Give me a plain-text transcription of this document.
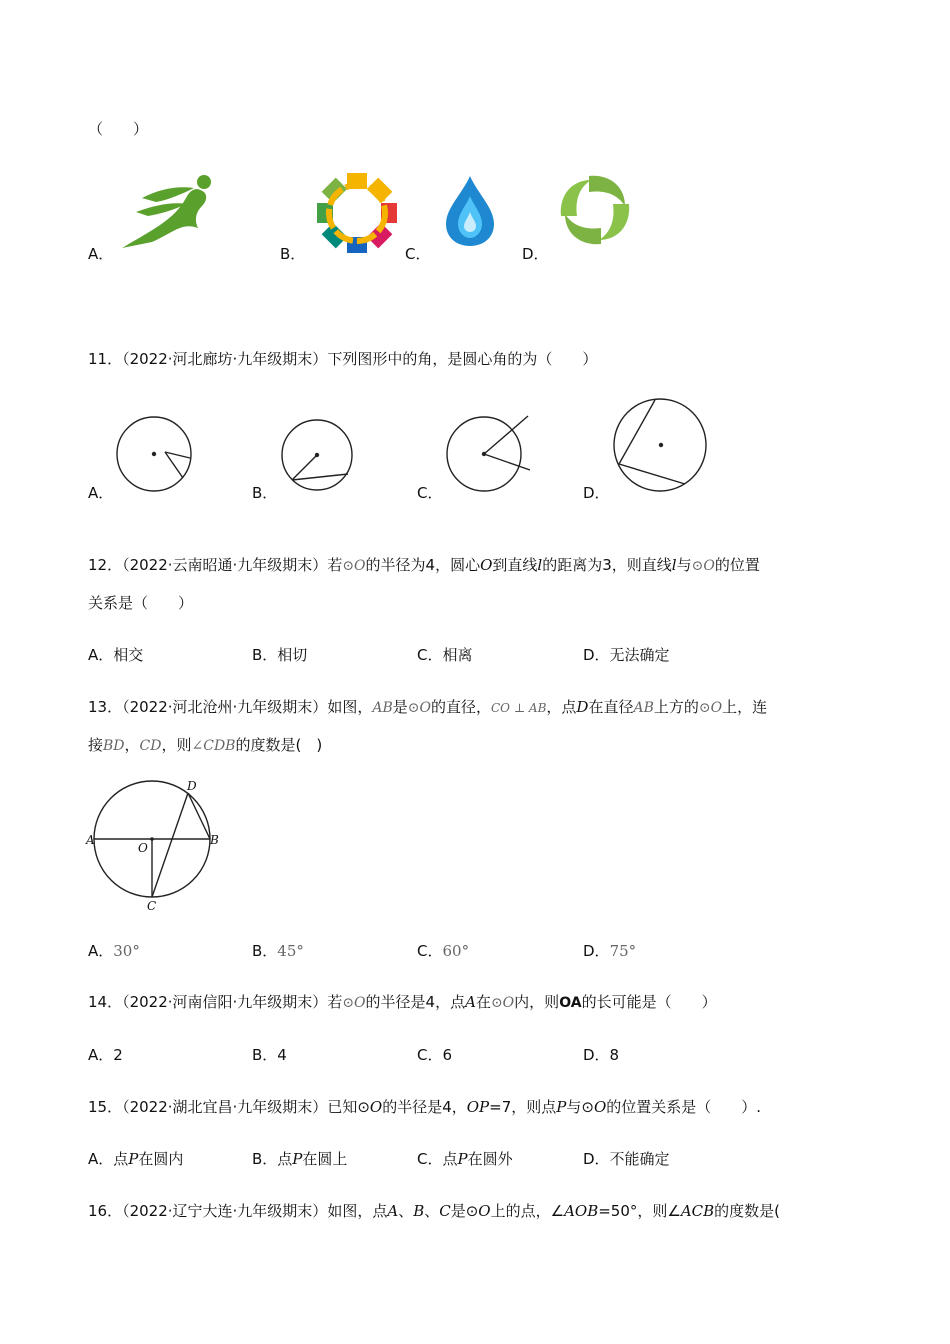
（　　）
A．	B．	C．	D．
11．（2022·河北廊坊·九年级期末）下列图形中的角，是圆心角的为（　　）
A．	B．	C．	D．
12．（2022·云南昭通·九年级期末）若⊙O的半径为4，圆心O到直线l的距离为3，则直线l与⊙O的位置
关系是（　　）
A．相交	B．相切	C．相离	D．无法确定
13．（2022·河北沧州·九年级期末）如图，AB是⊙O的直径，CO ⊥ AB，点D在直径AB上方的⊙O上，连
接BD，CD，则∠CDB的度数是(　)
A	B
C
D
O
A．30°	B．45°	C．60°	D．75°
14．（2022·河南信阳·九年级期末）若⊙O的半径是4，点A在⊙O内，则OA的长可能是（　　）
A．2	B．4	C．6	D．8
15．（2022·湖北宜昌·九年级期末）已知⊙O的半径是4，OP=7，则点P与⊙O的位置关系是（　　）.
A．点P在圆内	B．点P在圆上	C．点P在圆外	D．不能确定
16．（2022·辽宁大连·九年级期末）如图，点A、B、C是⊙O上的点，∠AOB=50°，则∠ACB的度数是(
